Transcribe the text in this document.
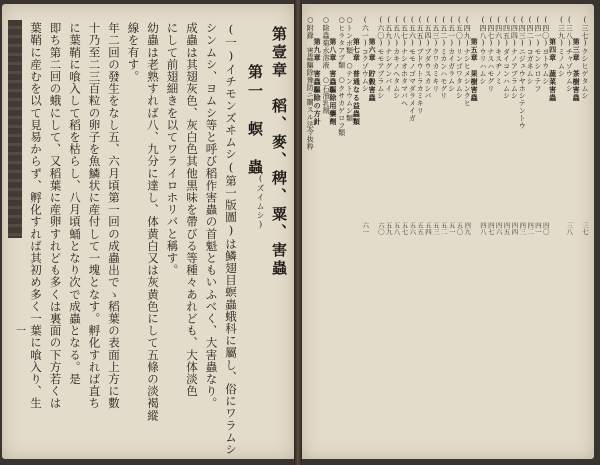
第壹章　稻、麥、稗、粟、害蟲
第一　螟　蟲
(ズイムシ)
(一)イチモンズヰムシ(第一版圖)は鱗翅目螟蟲蛾科に屬し、俗にワラムシ
シンムシ、ヨムシ等と呼び稻作害蟲の首魁ともいふべく、大害蟲なり。
成蟲は其翅灰色、灰白色其他黒味を帶びる等種々あれども、大体淡色
にして前翅細きを以てワライロホリバと稱す。
幼蟲は老熟すれば八、九分に達し、体黄白又は灰黄色にして五條の淡褐縱
線を有す。
年二回の發生をなし五、六月頃第一回の成蟲出でゝ稻葉の表面上方に數
十乃至二三百粒の卵子を魚鱗状に産付して一塊となす。孵化すれば直ち
に葉鞘に喰入して稻を枯らし、八月頃蛹となり次で成蟲となる。是
即ち第二回の蛾にして、又稻葉に産卵すれども多くは裏面の下方若くは
葉鞘に産むを以て見易からず、孵化すれば其初め多く一葉に喰入り、生
一
(三七)クシヒゲタムシ
三七
第三章　茶樹害蟲
(三八)チャゾウムシ
三八
(三九)ミノムシ
第四章　蔬菜害蟲
(四〇)ヨトウムシ
四〇
(四一)モンシロテフ
四一
(四二)コガネムシ
四二
(四三)ニジュウヤホシテントウ
四三
(四四)ナノアブラムシ
四四
(四五)ダイコンハムシ
四五
(四六)キスヂノミ
四六
(四七)ナスハモグリ
四七
(四八)ウリハムシ
四八
第五章　果樹害蟲
(四九)ナシヒメシンクヒ
四九
(五〇)リンゴワタムシ
五〇
(五一)カイガラムシ
五一
(五二)ミカンハモグリ
五二
(五三)クワカミキリ
五三
(五四)ブダウスカシバ
五四
(五五)ブドウトラカミキリ
五五
(五六)モモノゴマダラメイガ
五六
(五七)ナシオホタマバヘ
五七
(五八)カキノヘタムシ
五八
(五九)ナシグンバイ
五九
(六〇)モモアブラムシ
六〇
第六章　貯穀害蟲
(六一)コクゾウムシ
六一
第七章　普通なる益蟲類
○トンボ類　○テントウムシ類
○ヒラタアブ類　○クサカゲロフ類
第八章　害蟲驅除用藥劑
○除蟲菊水溶液　○石油乳劑
第九章　害蟲驅除の方針
○附錄　害蟲驅除豫防ニ關スル法令抜粋
